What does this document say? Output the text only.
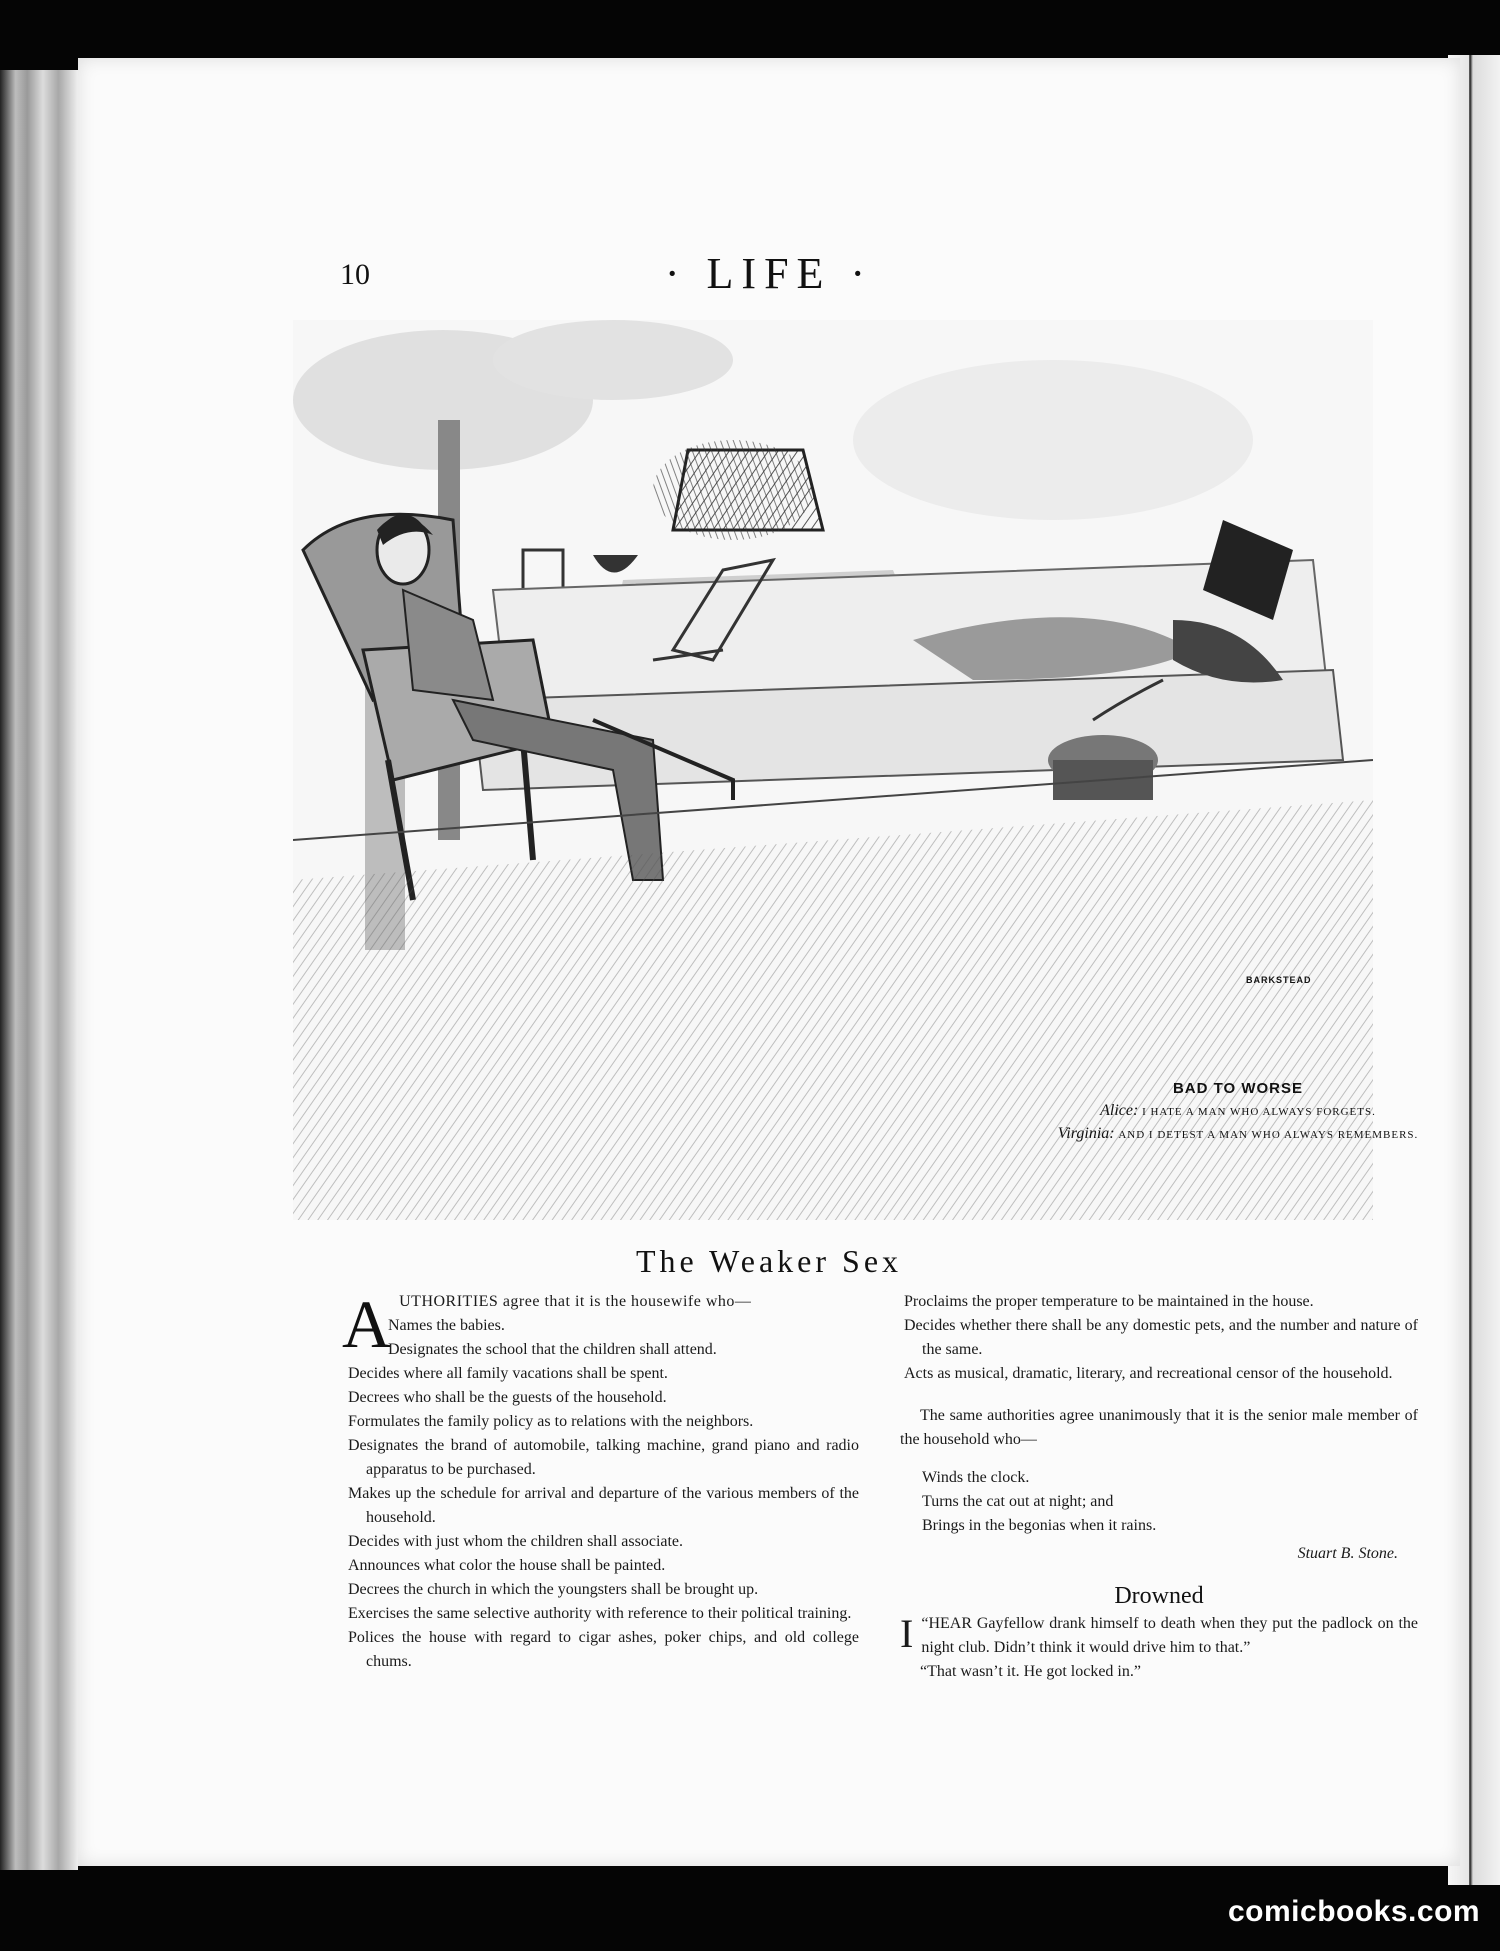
10	· LIFE ·
BARKSTEAD
BAD TO WORSE
Alice: I HATE A MAN WHO ALWAYS FORGETS.
Virginia: AND I DETEST A MAN WHO ALWAYS REMEMBERS.
The Weaker Sex
A UTHORITIES agree that it is the housewife who—

Names the babies.

Designates the school that the children shall attend.

Decides where all family vacations shall be spent.

Decrees who shall be the guests of the household.

Formulates the family policy as to relations with the neighbors.

Designates the brand of automobile, talking machine, grand piano and radio apparatus to be purchased.

Makes up the schedule for arrival and departure of the various members of the household.

Decides with just whom the children shall associate.

Announces what color the house shall be painted.

Decrees the church in which the youngsters shall be brought up.

Exercises the same selective authority with reference to their political training.

Polices the house with regard to cigar ashes, poker chips, and old college chums.

Proclaims the proper temperature to be maintained in the house.

Decides whether there shall be any domestic pets, and the number and nature of the same.

Acts as musical, dramatic, literary, and recreational censor of the household.

The same authorities agree unanimously that it is the senior male member of the household who—

Winds the clock.

Turns the cat out at night; and

Brings in the begonias when it rains.

Stuart B. Stone.
Drowned

“
I HEAR Gayfellow drank himself to death when they put the padlock on the night club. Didn’t think it would drive him to that.”

“That wasn’t it. He got locked in.”

comicbooks.com
